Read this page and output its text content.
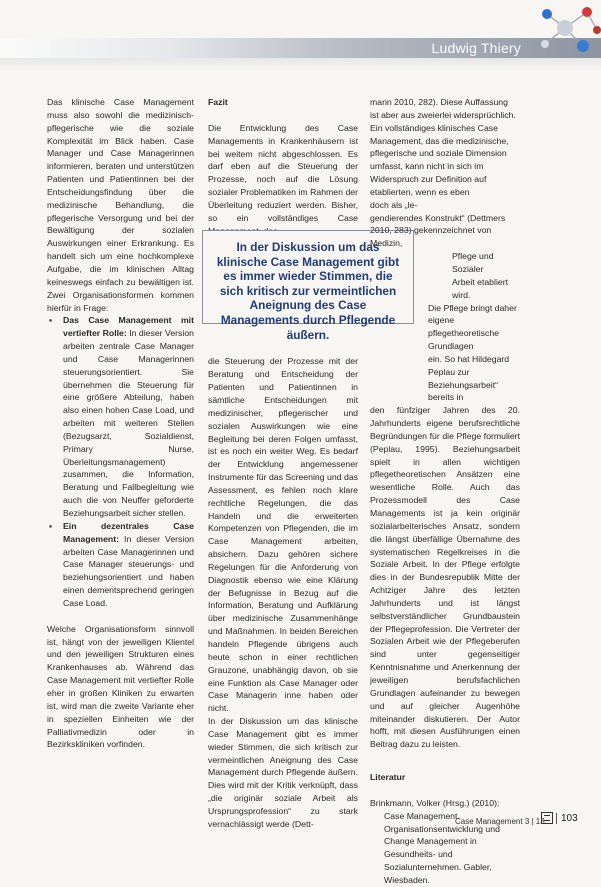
Ludwig Thiery

Das klinische Case Management muss also sowohl die medizinisch-pflegerische wie die soziale Komplexität im Blick haben. Case Manager und Case Managerinnen informieren, beraten und unterstützen Patienten und Patientinnen bei der Entscheidungsfindung über die medizinische Behandlung, die pflegerische Versorgung und bei der Bewältigung der sozialen Auswirkungen einer Erkrankung. Es handelt sich um eine hochkomplexe Aufgabe, die im klinischen Alltag keineswegs einfach zu bewältigen ist. Zwei Organisationsformen kommen hierfür in Frage:

▪ Das Case Management mit vertiefter Rolle: In dieser Version arbeiten zentrale Case Manager und Case Managerinnen steuerungsorientiert. Sie übernehmen die Steuerung für eine größere Abteilung, haben also einen hohen Case Load, und arbeiten mit weiteren Stellen (Bezugsarzt, Sozialdienst, Primary Nurse, Überleitungsmanagement) zusammen, die Information, Beratung und Fallbegleitung wie auch die von Neuffer geforderte Beziehungsarbeit sicher stellen.
▪ Ein dezentrales Case Management: In dieser Version arbeiten Case Managerinnen und Case Manager steuerungs- und beziehungsorientiert und haben einen dementsprechend geringen Case Load.

Welche Organisationsform sinnvoll ist, hängt von der jeweiligen Klientel und den jeweiligen Strukturen eines Krankenhauses ab. Während das Case Management mit vertiefter Rolle eher in großen Kliniken zu erwarten ist, wird man die zweite Variante eher in speziellen Einheiten wie der Palliativmedizin oder in Bezirkskliniken vorfinden.

Fazit

Die Entwicklung des Case Managements in Krankenhäusern ist bei weitem nicht abgeschlossen. Es darf eben auf die Steuerung der Prozesse, noch auf die Lösung sozialer Problematiken im Rahmen der Überleitung reduziert werden. Bisher, so ein vollständiges Case

die Steuerung der Prozesse mit der Beratung und Entscheidung der Patienten und Patientinnen in sämtliche Entscheidungen mit medizinischer, pflegerischer und sozialen Auswirkungen wie eine Begleitung bei deren Folgen umfasst, ist es noch ein weiter Weg. Es bedarf der Entwicklung angemessener Instrumente für das Screening und das Assessment, es fehlen noch klare rechtliche Regelungen, die das Handeln und die erweiterten Kompetenzen von Pflegenden, die im Case Management arbeiten, absichern. Dazu gehören sichere Regelungen für die Anforderung von Diagnostik ebenso wie eine Klärung der Befugnisse in Bezug auf die Information, Beratung und Aufklärung über medizinische Zusammenhänge und Maßnahmen. In beiden Bereichen handeln Pflegende übrigens auch heute schon in einer rechtlichen Grauzone, unabhängig davon, ob sie eine Funktion als Case Manager oder Case Managerin inne haben oder nicht.

In der Diskussion um das klinische Case Management gibt es immer wieder Stimmen, die sich kritisch zur vermeintlichen Aneignung des Case Management durch Pflegende äußern. Dies wird mit der Kritik verknüpft, dass „die originär soziale Arbeit als Ursprungsprofession“ zu stark vernachlässigt werde (Dett-

In der Diskussion um das klinische Case Management gibt es immer wieder Stimmen, die sich kritisch zur vermeintlichen Aneignung des Case Managements durch Pflegende äußern.

mann 2010, 282). Diese Auffassung

ist aber aus zweierlei widersprüchlich.

Ein vollständiges klinisches Case

Management, das die medizinische,

pflegerische und soziale Dimension

umfasst, kann nicht in sich im

Widerspruch zur Definition auf etablierten, wenn es eben doch als „le-

gendierendes Konstrukt“ (Dettmers

2010, 283) gekennzeichnet von Medizin,

Pflege und Sozialer

Arbeit etabliert wird.

Die Pflege bringt daher eigene pflegetheoretische Grundlagen

ein. So hat Hildegard

Peplau zur Beziehungsarbeit“ bereits in

den fünfziger Jahren des 20. Jahrhunderts eigene berufsrechtliche Begründungen für die Pflege formuliert (Peplau, 1995). Beziehungsarbeit spielt in allen wichtigen pflegetheoretischen Ansätzen eine wesentliche Rolle. Auch das Prozessmodell des Case Managements ist ja kein originär sozialarbeiterisches Ansatz, sondern die längst überfällige Übernahme des systematischen Regelkreises in die Soziale Arbeit. In der Pflege erfolgte dies in der Bundesrepublik Mitte der Achtziger Jahre des letzten Jahrhunderts und ist längst selbstverständlicher Grundbaustein der Pflegeprofession. Die Vertreter der Sozialen Arbeit wie der Pflegeberufen sind unter gegenseitiger Kenntnisnahme und Anerkennung der jeweiligen berufsfachlichen Grundlagen aufeinander zu bewegen und auf gleicher Augenhöhe miteinander diskutieren. Der Autor hofft, mit diesen Ausführungen einen Beitrag dazu zu leisten.

Literatur

Brinkmann, Volker (Hrsg.) (2010): Case Management. Organisationsentwicklung und Change Management in Gesundheits- und Sozialunternehmen. Gabler, Wiesbaden.

Case Management 3 | 13	103
